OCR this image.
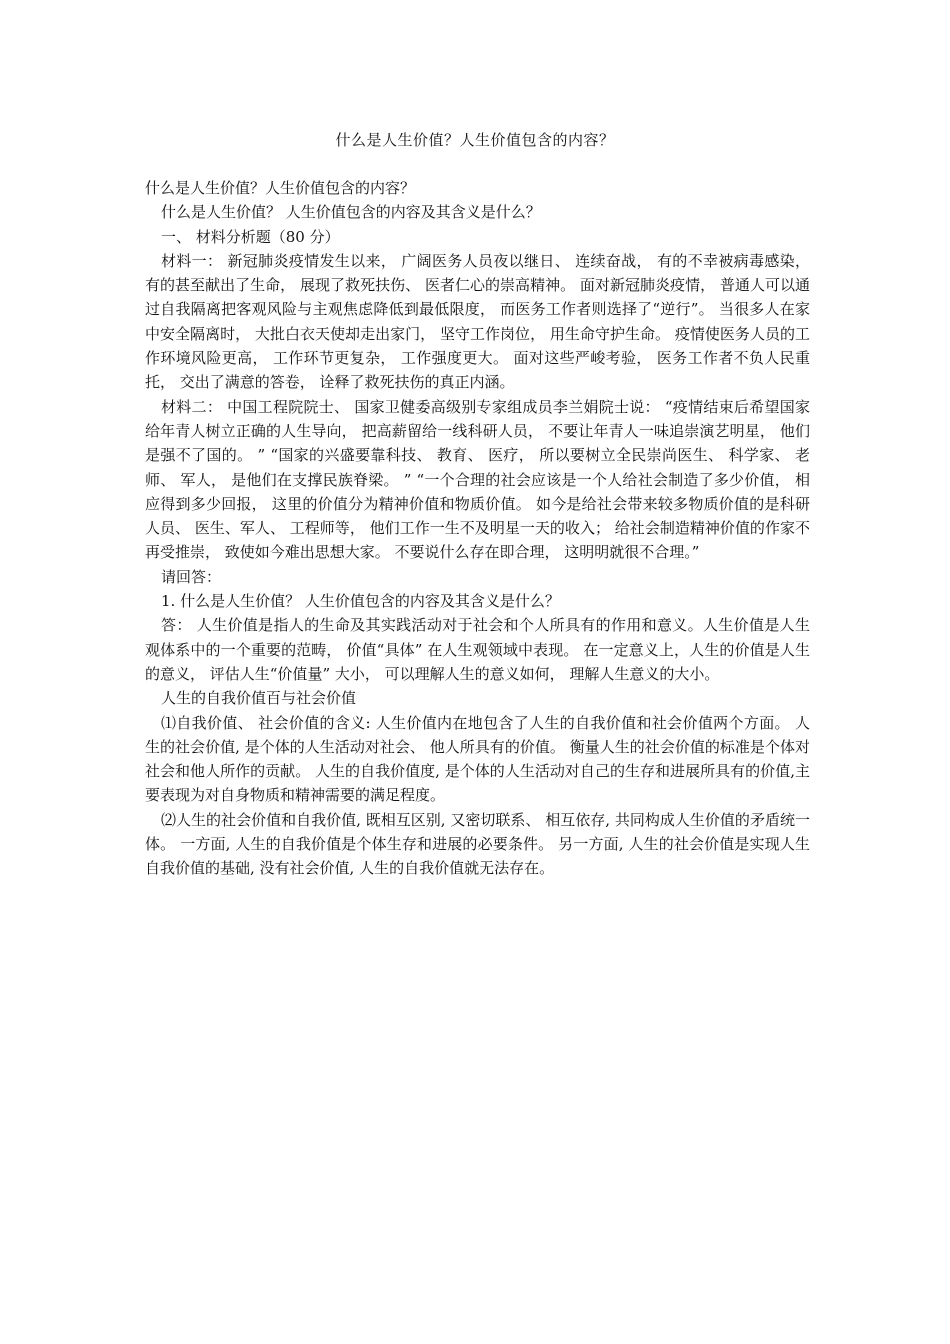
什么是人生价值？人生价值包含的内容？

什么是人生价值？人生价值包含的内容？

什么是人生价值？ 人生价值包含的内容及其含义是什么？

一、 材料分析题（80 分）

材料一： 新冠肺炎疫情发生以来， 广阔医务人员夜以继日、 连续奋战， 有的不幸被病毒感染， 有的甚至献出了生命， 展现了救死扶伤、 医者仁心的崇高精神。 面对新冠肺炎疫情， 普通人可以通过自我隔离把客观风险与主观焦虑降低到最低限度， 而医务工作者则选择了“逆行”。 当很多人在家中安全隔离时， 大批白衣天使却走出家门， 坚守工作岗位， 用生命守护生命。 疫情使医务人员的工作环境风险更高， 工作环节更复杂， 工作强度更大。 面对这些严峻考验， 医务工作者不负人民重托， 交出了满意的答卷， 诠释了救死扶伤的真正内涵。

材料二： 中国工程院院士、 国家卫健委高级别专家组成员李兰娟院士说： “疫情结束后希望国家给年青人树立正确的人生导向， 把高薪留给一线科研人员， 不要让年青人一味追崇演艺明星， 他们是强不了国的。 ” “国家的兴盛要靠科技、 教育、 医疗， 所以要树立全民崇尚医生、 科学家、 老师、 军人， 是他们在支撑民族脊梁。 ” “一个合理的社会应该是一个人给社会制造了多少价值， 相应得到多少回报， 这里的价值分为精神价值和物质价值。 如今是给社会带来较多物质价值的是科研人员、 医生、军人、 工程师等， 他们工作一生不及明星一天的收入； 给社会制造精神价值的作家不再受推崇， 致使如今难出思想大家。 不要说什么存在即合理， 这明明就很不合理。”

请回答：

1. 什么是人生价值？ 人生价值包含的内容及其含义是什么？

答： 人生价值是指人的生命及其实践活动对于社会和个人所具有的作用和意义。人生价值是人生观体系中的一个重要的范畴， 价值“具体” 在人生观领域中表现。 在一定意义上，人生的价值是人生的意义， 评估人生“价值量” 大小， 可以理解人生的意义如何， 理解人生意义的大小。

人生的自我价值百与社会价值

⑴自我价值、 社会价值的含义: 人生价值内在地包含了人生的自我价值和社会价值两个方面。 人生的社会价值, 是个体的人生活动对社会、 他人所具有的价值。 衡量人生的社会价值的标准是个体对社会和他人所作的贡献。 人生的自我价值度, 是个体的人生活动对自己的生存和进展所具有的价值,主要表现为对自身物质和精神需要的满足程度。

⑵人生的社会价值和自我价值, 既相互区别, 又密切联系、 相互依存, 共同构成人生价值的矛盾统一体。 一方面, 人生的自我价值是个体生存和进展的必要条件。 另一方面, 人生的社会价值是实现人生自我价值的基础, 没有社会价值, 人生的自我价值就无法存在。
